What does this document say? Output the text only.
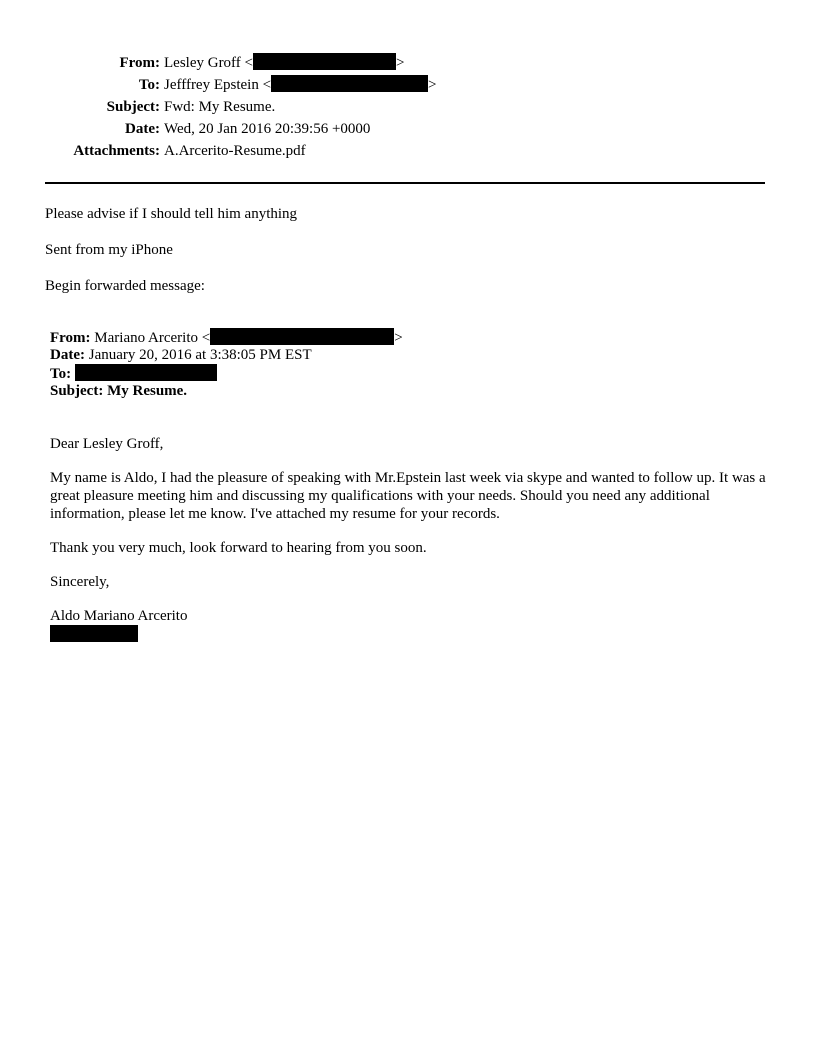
From: Lesley Groff <	>
To: Jefffrey Epstein <	>
Subject: Fwd: My Resume.
Date: Wed, 20 Jan 2016 20:39:56 +0000
Attachments: A.Arcerito-Resume.pdf
Please advise if I should tell him anything
Sent from my iPhone
Begin forwarded message:
From: Mariano Arcerito <	>
Date: January 20, 2016 at 3:38:05 PM EST
To:
Subject: My Resume.
Dear Lesley Groff,

My name is Aldo, I had the pleasure of speaking with Mr.Epstein last week via skype and wanted to follow up. It was a great pleasure meeting him and discussing my qualifications with your needs. Should you need any additional information, please let me know. I've attached my resume for your records.

Thank you very much, look forward to hearing from you soon.
Sincerely,
Aldo Mariano Arcerito
